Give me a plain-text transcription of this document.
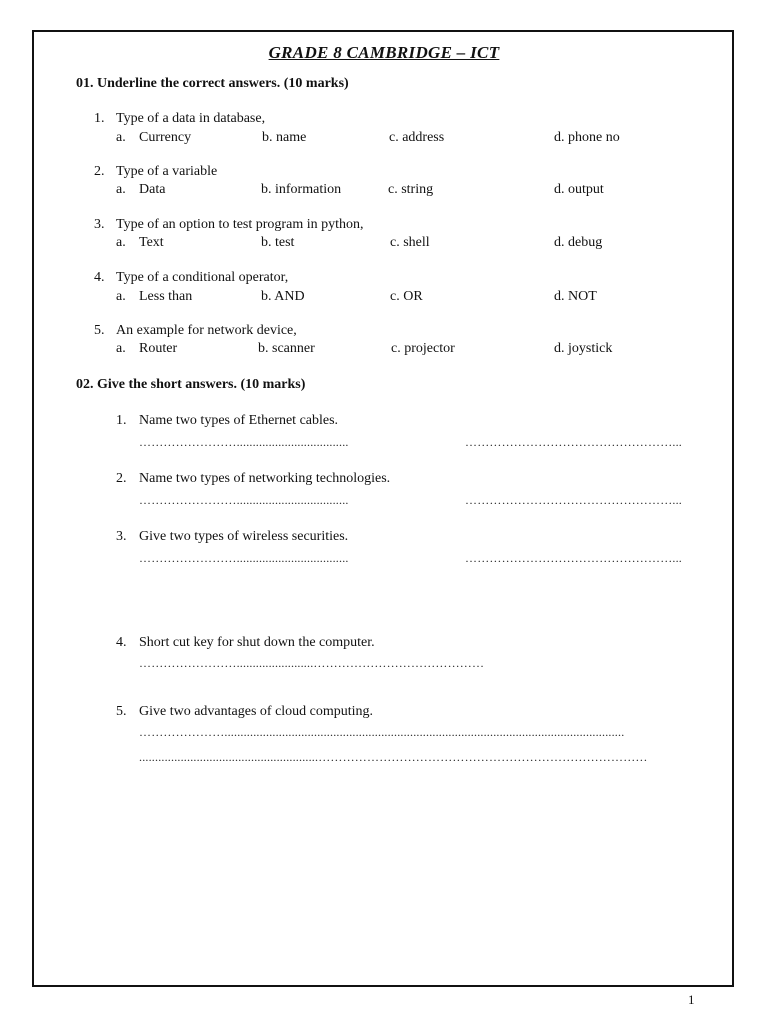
GRADE 8 CAMBRIDGE – ICT
01. Underline the correct answers. (10 marks)
1. Type of a data in database,
a. Currency	b. name	c. address	d. phone no
2. Type of a variable
a. Data	b. information	c. string	d. output
3. Type of an option to test program in python,
a. Text	b. test	c. shell	d. debug
4. Type of a conditional operator,
a. Less than	b. AND	c. OR	d. NOT
5. An example for network device,
a. Router	b. scanner	c. projector	d. joystick
02. Give the short answers. (10 marks)
1. Name two types of Ethernet cables.
……………………...................................	……………………………………………...
2. Name two types of networking technologies.
……………………...................................	……………………………………………...
3. Give two types of wireless securities.
……………………...................................	……………………………………………...
4. Short cut key for shut down the computer.
……………………........................……………………………………
5. Give two advantages of cloud computing.
………………….............................................................................................................................
........................................................………………………………………………………………………
1
